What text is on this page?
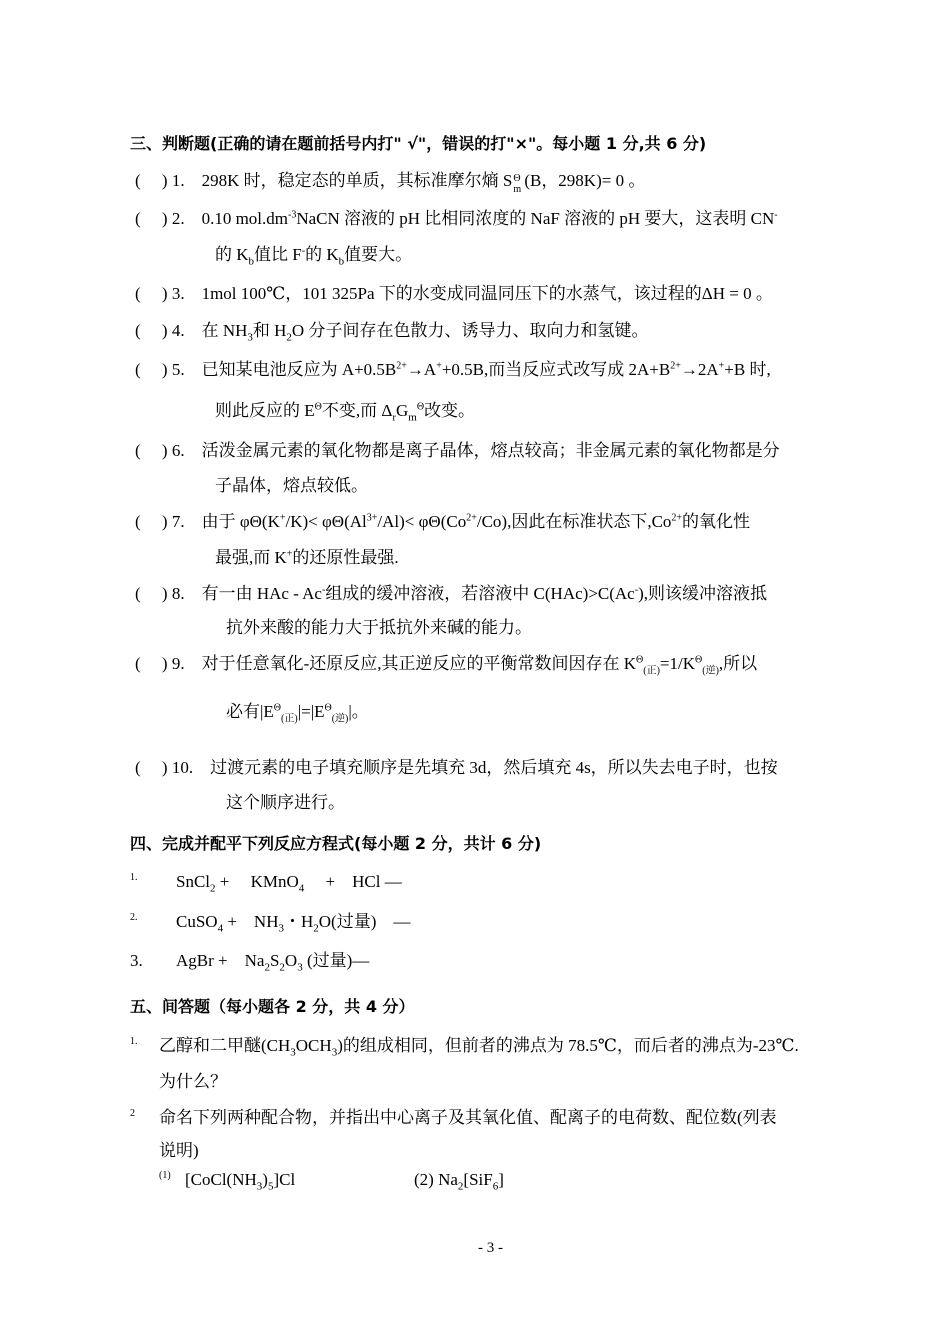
三、判断题(正确的请在题前括号内打" √"，错误的打"×"。每小题 1 分,共 6 分)
(　 ) 1.　298K 时，稳定态的单质，其标准摩尔熵 S Θ
m (B，298K)= 0 。
(　 ) 2.　0.10 $mol.dm^{-3}NaCN$ 溶液的 pH 比相同浓度的 NaF 溶液的 pH 要大，这表明 CN-
的 $K_b$值比 F-的 $K_b$值要大。
(　 ) 3.　1mol 100℃，101 325Pa 下的水变成同温同压下的水蒸气，该过程的ΔH = 0 。
(　 ) 4.　在 $NH_3$和 $H_2O$ 分子间存在色散力、诱导力、取向力和氢键。
(　 ) 5.　已知某电池反应为 $A+0.5B^{2+}\to A^++0.5B$,而当反应式改写成 $2A+B^{2+}\to 2A^++B$ 时,
则此反应的 $E^\Theta$不变,而 $\Delta_rG_m^\Theta$改变。
(　 ) 6.　活泼金属元素的氧化物都是离子晶体，熔点较高；非金属元素的氧化物都是分
子晶体，熔点较低。
(　 ) 7.　由于 $\varphi\Theta(K^+/K)< \varphi\Theta(Al^{3+}/Al)< \varphi\Theta(Co^{2+}/Co)$,因此在标准状态下$,Co^{2+}$的氧化性
最强,而 K+的还原性最强.
(　 ) 8.　有一由 HAc - Ac-组成的缓冲溶液，若溶液中 C(HAc)>C(Ac-),则该缓冲溶液抵
抗外来酸的能力大于抵抗外来碱的能力。
(　 ) 9.　对于任意氧化-还原反应,其正逆反应的平衡常数间因存在 $K^\Theta_{(正)}=1/K^\Theta_{(逆)}$,所以
必有$|E^\Theta_{(正)}|=|E^\Theta_{(逆)}|$。
(　 ) 10.　过渡元素的电子填充顺序是先填充 3d，然后填充 4s，所以失去电子时，也按
这个顺序进行。
四、完成并配平下列反应方程式(每小题 2 分，共计 6 分)
1. SnCl$_2$ +　 KMnO$_4$　 +　HCl —
2. CuSO$_4$ +　$NH_3$・$H_2O$(过量)　—
3. AgBr +　$Na_2S_2O_3$ (过量)—
五、间答题（每小题各 2 分，共 4 分）
1. 乙醇和二甲醚$(CH_3OCH_3)$的组成相同，但前者的沸点为 78.5℃，而后者的沸点为-23℃.
为什么？
2 命名下列两种配合物，并指出中心离子及其氧化值、配离子的电荷数、配位数(列表
说明)
(1) $[CoCl(NH_3)_5]Cl$	(2) $Na_2[SiF_6]$
- 3 -
